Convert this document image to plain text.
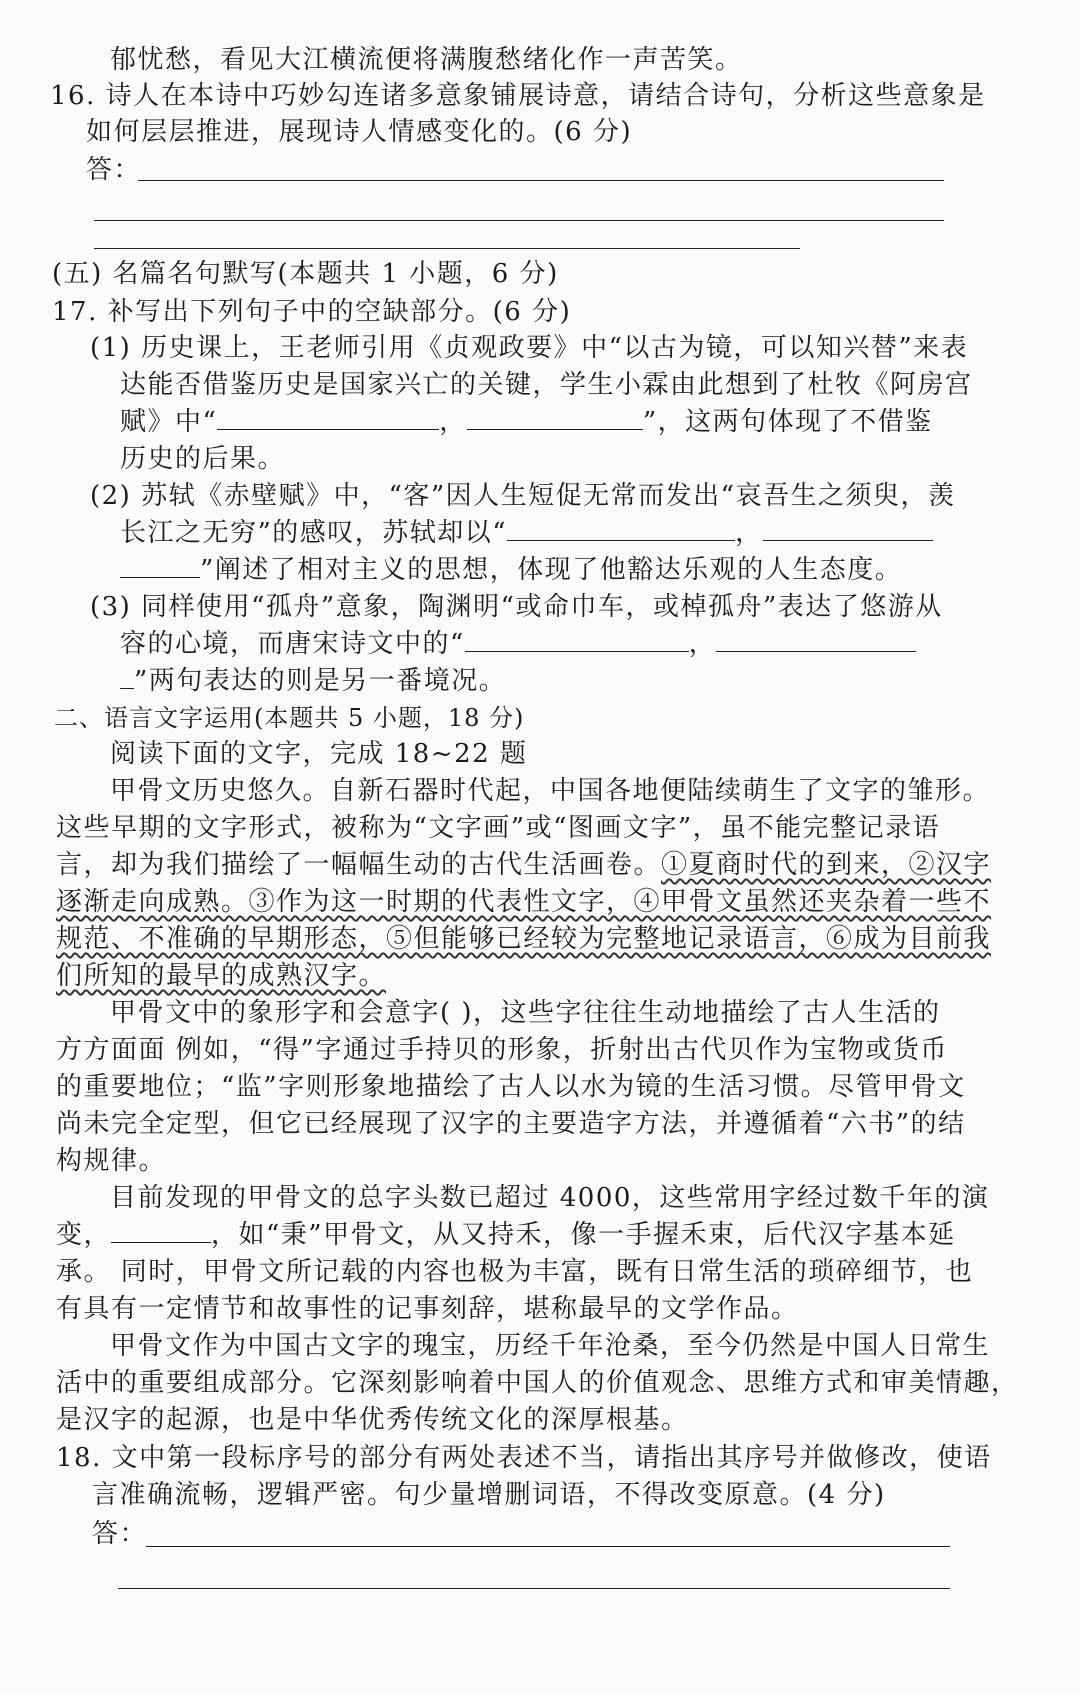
郁忧愁，看见大江横流便将满腹愁绪化作一声苦笑。
16. 诗人在本诗中巧妙勾连诸多意象铺展诗意，请结合诗句，分析这些意象是
如何层层推进，展现诗人情感变化的。(6 分)
答：
(五) 名篇名句默写(本题共 1 小题，6 分)
17. 补写出下列句子中的空缺部分。(6 分)
(1) 历史课上，王老师引用《贞观政要》中“以古为镜，可以知兴替”来表
达能否借鉴历史是国家兴亡的关键，学生小霖由此想到了杜牧《阿房宫
赋》中“	，	”，这两句体现了不借鉴
历史的后果。
(2) 苏轼《赤壁赋》中，“客”因人生短促无常而发出“哀吾生之须臾，羡
长江之无穷”的感叹，苏轼却以“	，
”阐述了相对主义的思想，体现了他豁达乐观的人生态度。
(3) 同样使用“孤舟”意象，陶渊明“或命巾车，或棹孤舟”表达了悠游从
容的心境，而唐宋诗文中的“	，
”两句表达的则是另一番境况。
二、语言文字运用(本题共 5 小题，18 分)
阅读下面的文字，完成 18~22 题
甲骨文历史悠久。自新石器时代起，中国各地便陆续萌生了文字的雏形。
这些早期的文字形式，被称为“文字画”或“图画文字”，虽不能完整记录语
言，却为我们描绘了一幅幅生动的古代生活画卷。①夏商时代的到来，②汉字
逐渐走向成熟。③作为这一时期的代表性文字，④甲骨文虽然还夹杂着一些不
规范、不准确的早期形态，⑤但能够已经较为完整地记录语言，⑥成为目前我
们所知的最早的成熟汉字。
甲骨文中的象形字和会意字( )，这些字往往生动地描绘了古人生活的
方方面面 例如，“得”字通过手持贝的形象，折射出古代贝作为宝物或货币
的重要地位；“监”字则形象地描绘了古人以水为镜的生活习惯。尽管甲骨文
尚未完全定型，但它已经展现了汉字的主要造字方法，并遵循着“六书”的结
构规律。
目前发现的甲骨文的总字头数已超过 4000，这些常用字经过数千年的演
变，	，如“秉”甲骨文，从又持禾，像一手握禾束，后代汉字基本延
承。 同时，甲骨文所记载的内容也极为丰富，既有日常生活的琐碎细节，也
有具有一定情节和故事性的记事刻辞，堪称最早的文学作品。
甲骨文作为中国古文字的瑰宝，历经千年沧桑，至今仍然是中国人日常生
活中的重要组成部分。它深刻影响着中国人的价值观念、思维方式和审美情趣，
是汉字的起源，也是中华优秀传统文化的深厚根基。
18. 文中第一段标序号的部分有两处表述不当，请指出其序号并做修改，使语
言准确流畅，逻辑严密。句少量增删词语，不得改变原意。(4 分)
答：
